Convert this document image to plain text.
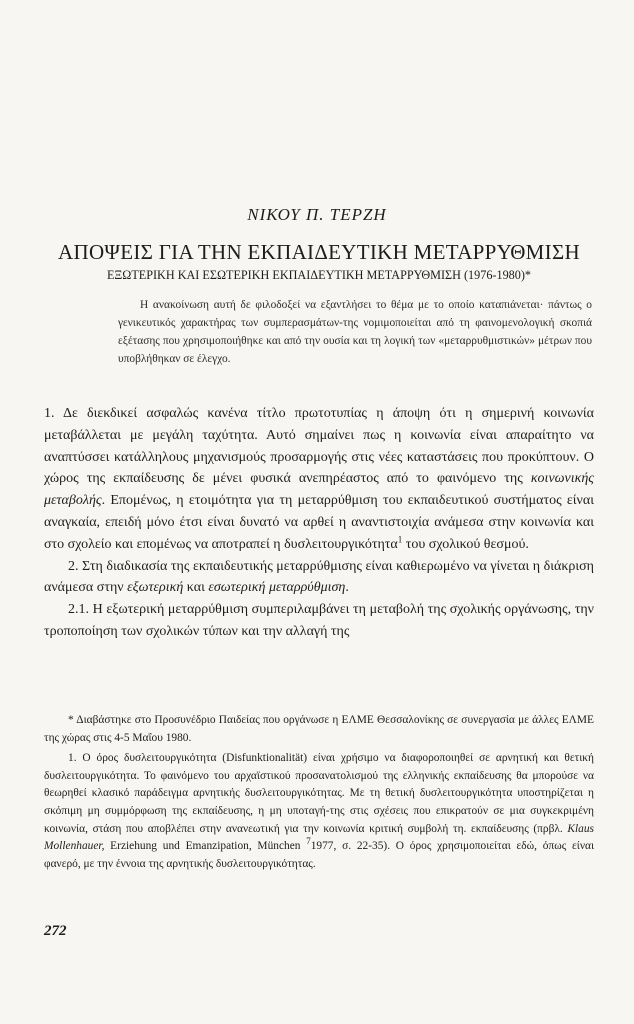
ΝΙΚΟΥ Π. ΤΕΡΖΗ
ΑΠΟΨΕΙΣ ΓΙΑ ΤΗΝ ΕΚΠΑΙΔΕΥΤΙΚΗ ΜΕΤΑΡΡΥΘΜΙΣΗ
ΕΞΩΤΕΡΙΚΗ ΚΑΙ ΕΣΩΤΕΡΙΚΗ ΕΚΠΑΙΔΕΥΤΙΚΗ ΜΕΤΑΡΡΥΘΜΙΣΗ (1976-1980)*
Η ανακοίνωση αυτή δε φιλοδοξεί να εξαντλήσει το θέμα με το οποίο καταπιάνεται· πάντως ο γενικευτικός χαρακτήρας των συμπερασμάτων-της νομιμοποιείται από τη φαινομενολογική σκοπιά εξέτασης που χρησιμοποιήθηκε και από την ουσία και τη λογική των «μεταρρυθμιστικών» μέτρων που υποβλήθηκαν σε έλεγχο.

1. Δε διεκδικεί ασφαλώς κανένα τίτλο πρωτοτυπίας η άποψη ότι η σημερινή κοινωνία μεταβάλλεται με μεγάλη ταχύτητα. Αυτό σημαίνει πως η κοινωνία είναι απαραίτητο να αναπτύσσει κατάλληλους μηχανισμούς προσαρμογής στις νέες καταστάσεις που προκύπτουν. Ο χώρος της εκπαίδευσης δε μένει φυσικά ανεπηρέαστος από το φαινόμενο της κοινωνικής μεταβολής. Επομένως, η ετοιμότητα για τη μεταρρύθμιση του εκπαιδευτικού συστήματος είναι αναγκαία, επειδή μόνο έτσι είναι δυνατό να αρθεί η αναντιστοιχία ανάμεσα στην κοινωνία και στο σχολείο και επομένως να αποτραπεί η δυσλειτουργικότητα$^1$ του σχολικού θεσμού.

2. Στη διαδικασία της εκπαιδευτικής μεταρρύθμισης είναι καθιερωμένο να γίνεται η διάκριση ανάμεσα στην εξωτερική και εσωτερική μεταρρύθμιση.

2.1. Η εξωτερική μεταρρύθμιση συμπεριλαμβάνει τη μεταβολή της σχολικής οργάνωσης, την τροποποίηση των σχολικών τύπων και την αλλαγή της

* Διαβάστηκε στο Προσυνέδριο Παιδείας που οργάνωσε η ΕΛΜΕ Θεσσαλονίκης σε συνεργασία με άλλες ΕΛΜΕ της χώρας στις 4-5 Μαΐου 1980.

1. Ο όρος δυσλειτουργικότητα (Disfunktionalität) είναι χρήσιμο να διαφοροποιηθεί σε αρνητική και θετική δυσλειτουργικότητα. Το φαινόμενο του αρχαϊστικού προσανατολισμού της ελληνικής εκπαίδευσης θα μπορούσε να θεωρηθεί κλασικό παράδειγμα αρνητικής δυσλειτουργικότητας. Με τη θετική δυσλειτουργικότητα υποστηρίζεται η σκόπιμη μη συμμόρφωση της εκπαίδευσης, η μη υποταγή-της στις σχέσεις που επικρατούν σε μια συγκεκριμένη κοινωνία, στάση που αποβλέπει στην ανανεωτική για την κοινωνία κριτική συμβολή τη. εκπαίδευσης (πρβλ. Klaus Mollenhauer, Erziehung und Emanzipation, München $^7$1977, σ. 22-35). Ο όρος χρησιμοποιείται εδώ, όπως είναι φανερό, με την έννοια της αρνητικής δυσλειτουργικότητας.

272
